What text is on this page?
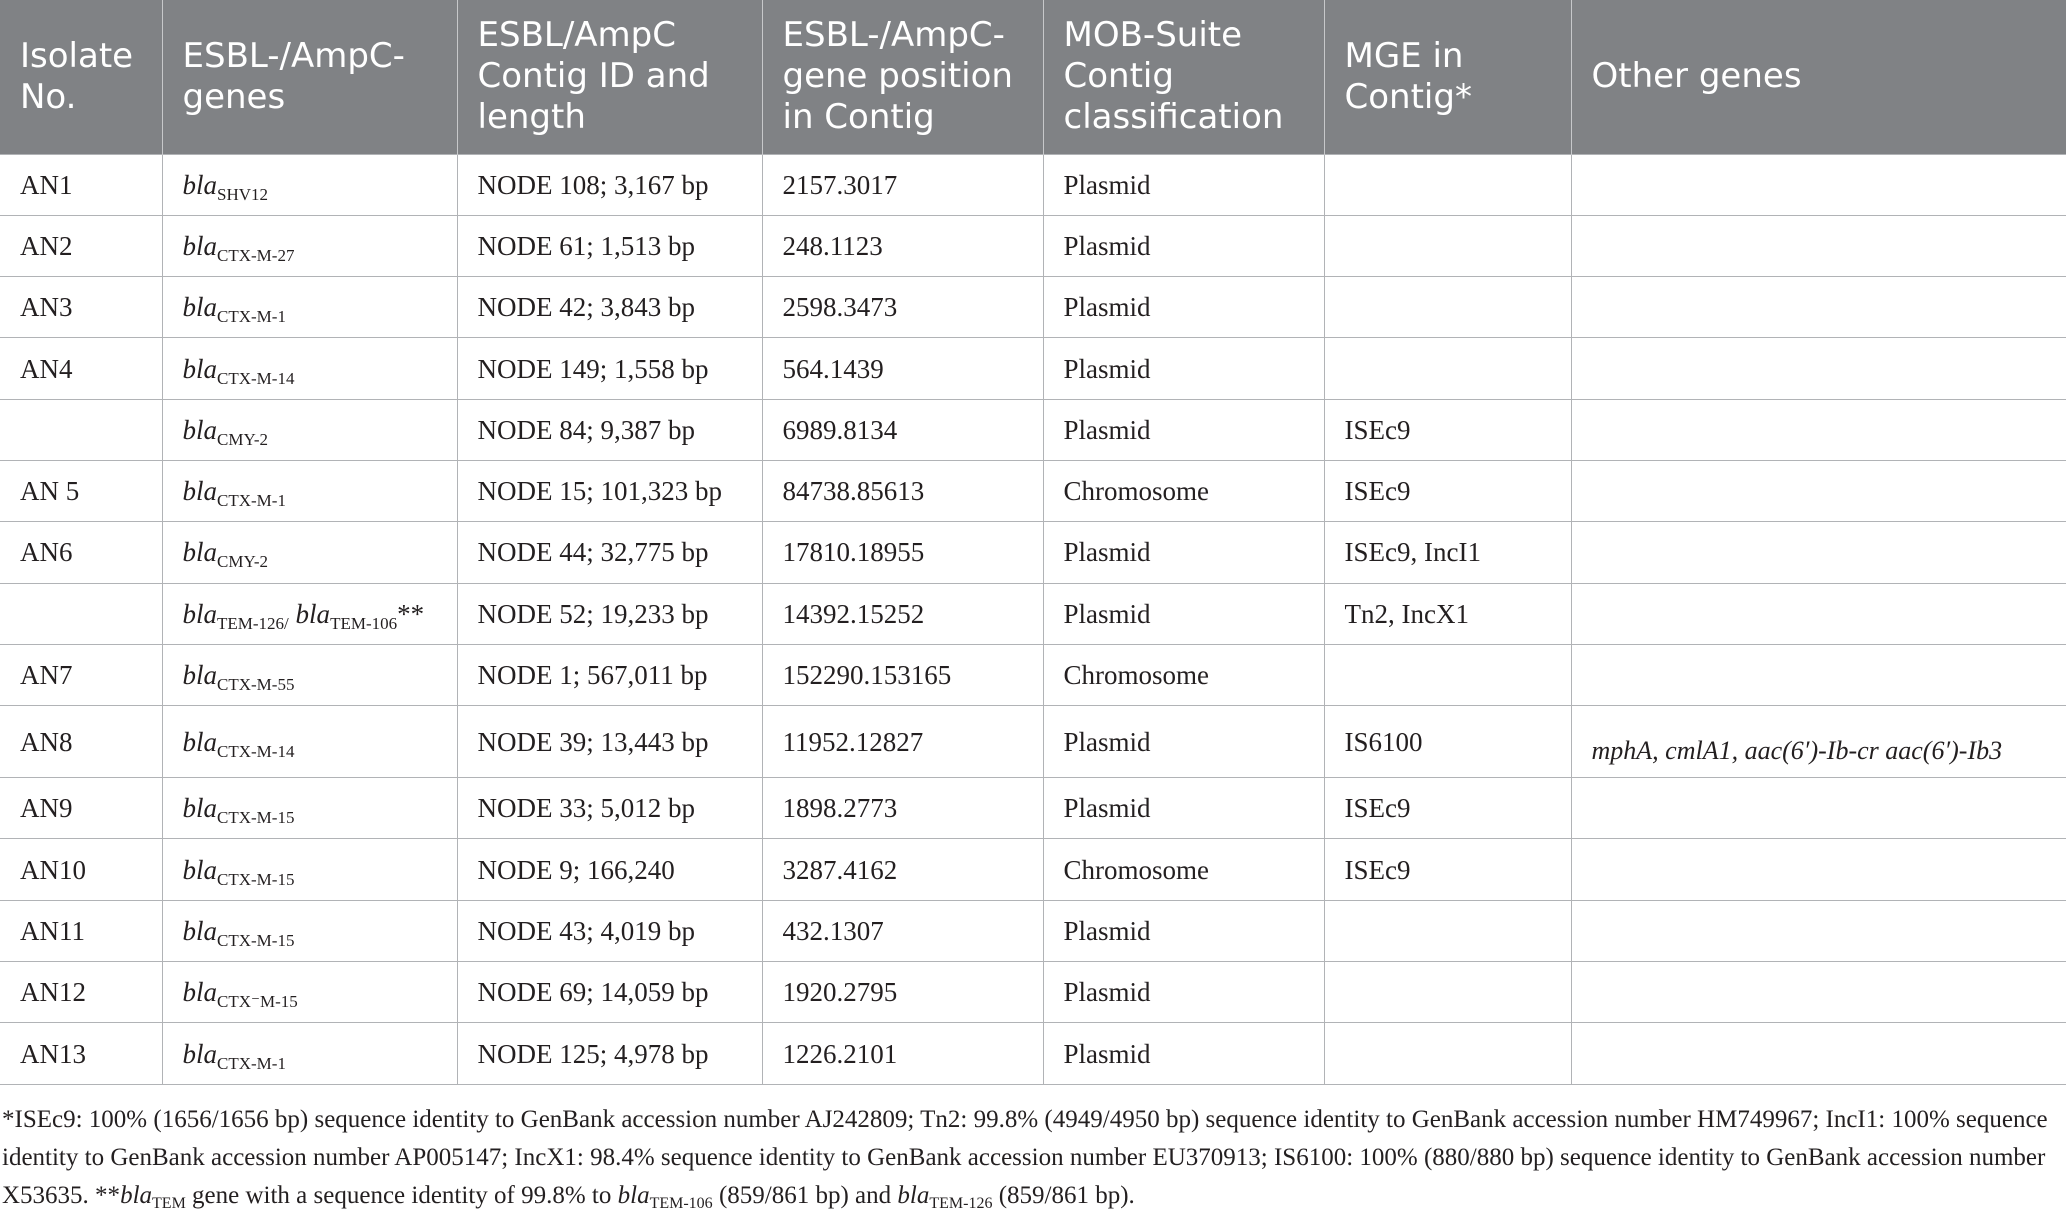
Isolate No.	ESBL-/AmpC-genes	ESBL/AmpC Contig ID and length	ESBL-/AmpC-gene position in Contig	MOB-Suite Contig classification	MGE in Contig*	Other genes
AN1	bla$_{SHV12}$	NODE 108; 3,167 bp	2157.3017	Plasmid		
AN2	bla$_{CTX-M-27}$	NODE 61; 1,513 bp	248.1123	Plasmid		
AN3	bla$_{CTX-M-1}$	NODE 42; 3,843 bp	2598.3473	Plasmid		
AN4	bla$_{CTX-M-14}$	NODE 149; 1,558 bp	564.1439	Plasmid		
	bla$_{CMY-2}$	NODE 84; 9,387 bp	6989.8134	Plasmid	ISEc9	
AN 5	bla$_{CTX-M-1}$	NODE 15; 101,323 bp	84738.85613	Chromosome	ISEc9	
AN6	bla$_{CMY-2}$	NODE 44; 32,775 bp	17810.18955	Plasmid	ISEc9, IncI1	
	bla$_{TEM-126/}$ bla$_{TEM-106}$**	NODE 52; 19,233 bp	14392.15252	Plasmid	Tn2, IncX1	
AN7	bla$_{CTX-M-55}$	NODE 1; 567,011 bp	152290.153165	Chromosome		
AN8	bla$_{CTX-M-14}$	NODE 39; 13,443 bp	11952.12827	Plasmid	IS6100	mphA, cmlA1, aac(6′)-Ib-cr aac(6′)-Ib3
AN9	bla$_{CTX-M-15}$	NODE 33; 5,012 bp	1898.2773	Plasmid	ISEc9	
AN10	bla$_{CTX-M-15}$	NODE 9; 166,240	3287.4162	Chromosome	ISEc9	
AN11	bla$_{CTX-M-15}$	NODE 43; 4,019 bp	432.1307	Plasmid		
AN12	bla$_{CTX^-M-15}$	NODE 69; 14,059 bp	1920.2795	Plasmid		
AN13	bla$_{CTX-M-1}$	NODE 125; 4,978 bp	1226.2101	Plasmid		

*ISEc9: 100% (1656/1656 bp) sequence identity to GenBank accession number AJ242809; Tn2: 99.8% (4949/4950 bp) sequence identity to GenBank accession number HM749967; IncI1: 100% sequence identity to GenBank accession number AP005147; IncX1: 98.4% sequence identity to GenBank accession number EU370913; IS6100: 100% (880/880 bp) sequence identity to GenBank accession number X53635. **bla$_{TEM}$ gene with a sequence identity of 99.8% to bla$_{TEM-106}$ (859/861 bp) and bla$_{TEM-126}$ (859/861 bp).
